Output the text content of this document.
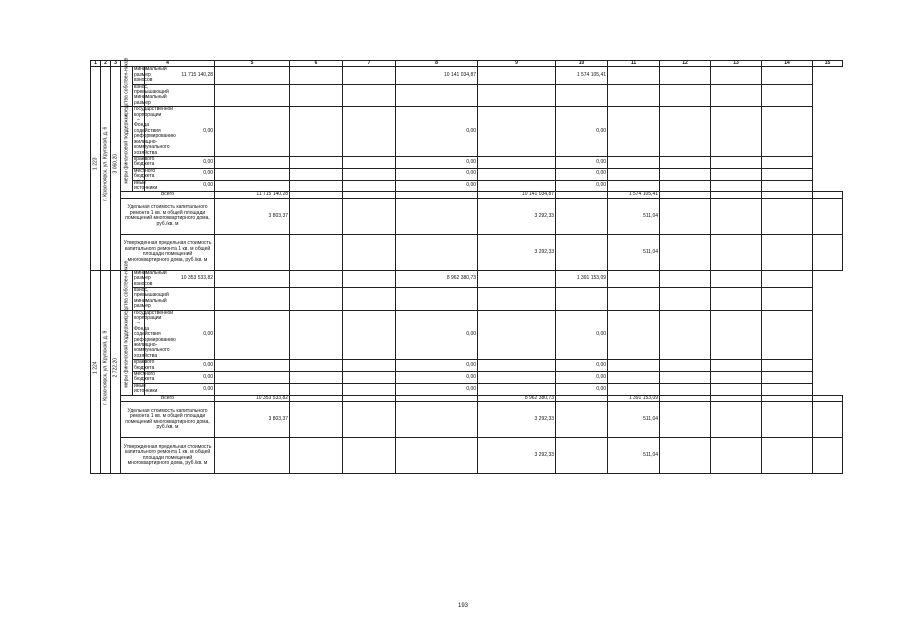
1	2	3	4			5	6	7	8	9	10	11	12	13	14	15

1 223	г. Красноярск, ул. Крупской, д. 6	3 060,20	средства собствен-ников	минимальный размер взносов	11 715 140,28				10 141 034,87		1 574 105,41					
				взнос, превышающий минимальный размер												

			меры финансовой поддержки	государственной корпорации – Фонда содействия реформированию жилищно-коммунального хозяйства	0,00				0,00		0,00					
				краевого бюджета	0,00				0,00		0,00					
				местного бюджета	0,00				0,00		0,00					
				иные источники	0,00				0,00		0,00					
			Всего			11 715 140,28				10 141 034,87		1 574 105,41				
			Удельная стоимость капитального ремонта 1 кв. м общей площади помещений многоквартирного дома, руб./кв. м			3 803,37				3 292,33		511,04				
			Утвержденная предельная стоимость капитального ремонта 1 кв. м общей площади помещений многоквартирного дома, руб./кв. м							3 292,33		511,04				

1 224	г. Красноярск, ул. Крупской, д. 9	2 722,20	средства собствен-ников	минимальный размер взносов	10 353 533,82				8 962 380,73		1 391 153,09					
				взнос, превышающий минимальный размер												

			меры финансовой поддержки	государственной корпорации – Фонда содействия реформированию жилищно-коммунального хозяйства	0,00				0,00		0,00					
				краевого бюджета	0,00				0,00		0,00					
				местного бюджета	0,00				0,00		0,00					
				иные источники	0,00				0,00		0,00					
			Всего			10 353 533,82				8 962 380,73		1 391 153,09				
			Удельная стоимость капитального ремонта 1 кв. м общей площади помещений многоквартирного дома, руб./кв. м			3 803,37				3 292,33		511,04				
			Утвержденная предельная стоимость капитального ремонта 1 кв. м общей площади помещений многоквартирного дома, руб./кв. м							3 292,33		511,04				
193
